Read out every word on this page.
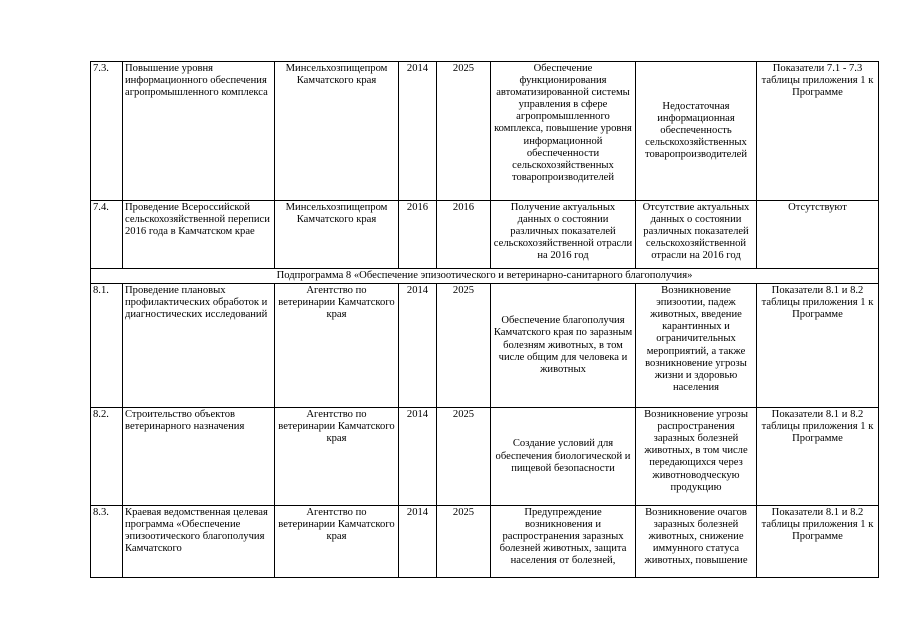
7.3.	Повышение уровня информационного обеспечения агропромышленного комплекса	Минсельхозпищепром Камчатского края	2014	2025	Обеспечение функционирования автоматизированной системы управления в сфере агропромышленного комплекса, повышение уровня информационной обеспеченности сельскохозяйственных товаропроизводителей	Недостаточная информационная обеспеченность сельскохозяйственных товаропроизводителей	Показатели 7.1 - 7.3 таблицы приложения 1 к Программе
7.4.	Проведение Всероссийской сельскохозяйственной переписи 2016 года в Камчатском крае	Минсельхозпищепром Камчатского края	2016	2016	Получение актуальных данных о состоянии различных показателей сельскохозяйственной отрасли на 2016 год	Отсутствие актуальных данных о состоянии различных показателей сельскохозяйственной отрасли на 2016 год	Отсутствуют
Подпрограмма 8 «Обеспечение эпизоотического и ветеринарно-санитарного благополучия»							
8.1.	Проведение плановых профилактических обработок и диагностических исследований	Агентство по ветеринарии Камчатского края	2014	2025	Обеспечение благополучия Камчатского края по заразным болезням животных, в том числе общим для человека и животных	Возникновение эпизоотии, падеж животных, введение карантинных и ограничительных мероприятий, а также возникновение угрозы жизни и здоровью населения	Показатели 8.1 и 8.2 таблицы приложения 1 к Программе
8.2.	Строительство объектов ветеринарного назначения	Агентство по ветеринарии Камчатского края	2014	2025	Создание условий для обеспечения биологической и пищевой безопасности	Возникновение угрозы распространения заразных болезней животных, в том числе передающихся через животноводческую продукцию	Показатели 8.1 и 8.2 таблицы приложения 1 к Программе
8.3.	Краевая ведомственная целевая программа «Обеспечение эпизоотического благополучия Камчатского	Агентство по ветеринарии Камчатского края	2014	2025	Предупреждение возникновения и распространения заразных болезней животных, защита населения от болезней,	Возникновение очагов заразных болезней животных, снижение иммунного статуса животных, повышение	Показатели 8.1 и 8.2 таблицы приложения 1 к Программе
